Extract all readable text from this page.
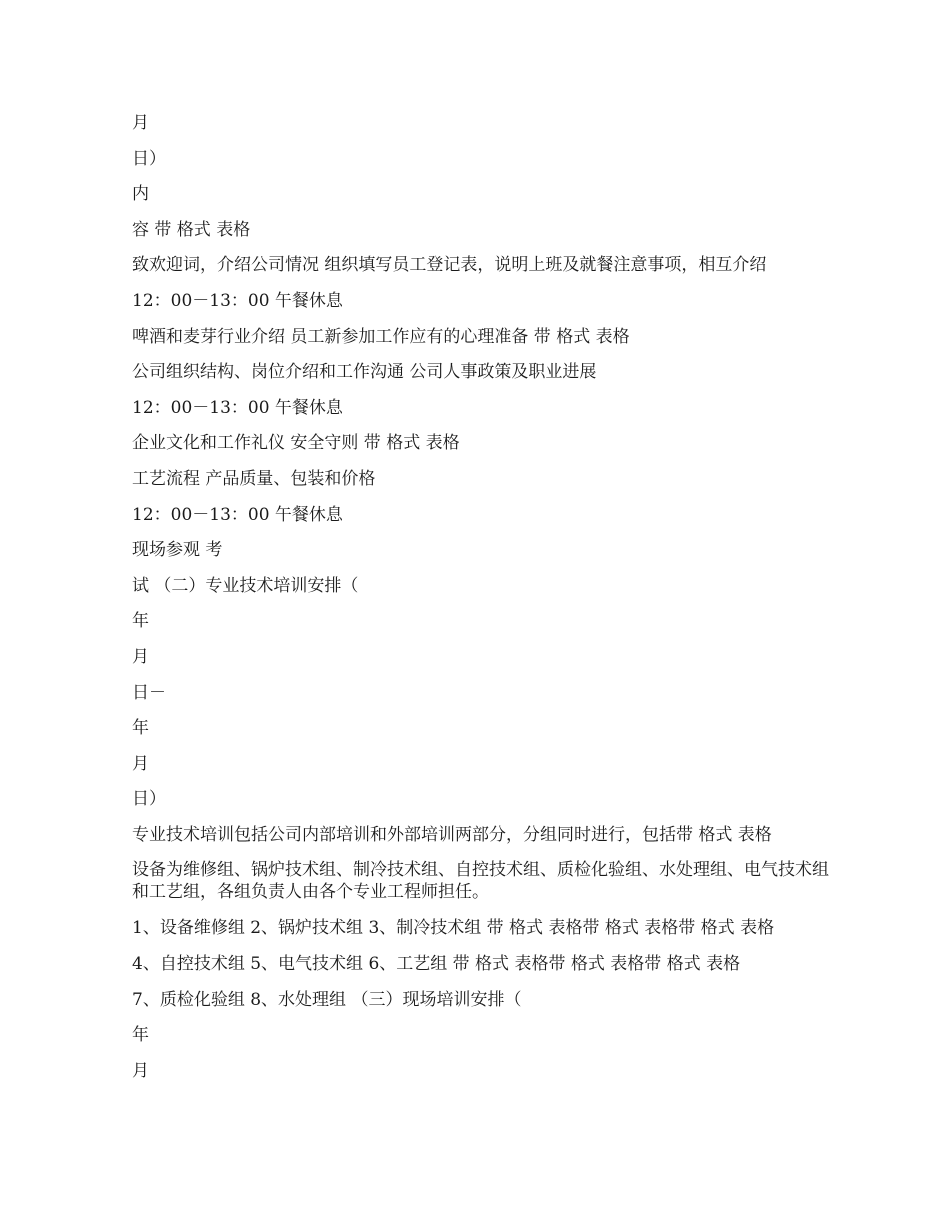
月
日）
内
容 带 格式 表格
致欢迎词，介绍公司情况 组织填写员工登记表，说明上班及就餐注意事项，相互介绍
12：00－13：00 午餐休息
啤酒和麦芽行业介绍 员工新参加工作应有的心理准备 带 格式 表格
公司组织结构、岗位介绍和工作沟通 公司人事政策及职业进展
12：00－13：00 午餐休息
企业文化和工作礼仪 安全守则 带 格式 表格
工艺流程 产品质量、包装和价格
12：00－13：00 午餐休息
现场参观 考
试 （二）专业技术培训安排（
年
月
日－
年
月
日）
专业技术培训包括公司内部培训和外部培训两部分，分组同时进行，包括带 格式 表格
设备为维修组、锅炉技术组、制冷技术组、自控技术组、质检化验组、水处理组、电气技术组和工艺组，各组负责人由各个专业工程师担任。
1、设备维修组 2、锅炉技术组 3、制冷技术组 带 格式 表格带 格式 表格带 格式 表格
4、自控技术组 5、电气技术组 6、工艺组 带 格式 表格带 格式 表格带 格式 表格
7、质检化验组 8、水处理组 （三）现场培训安排（
年
月
